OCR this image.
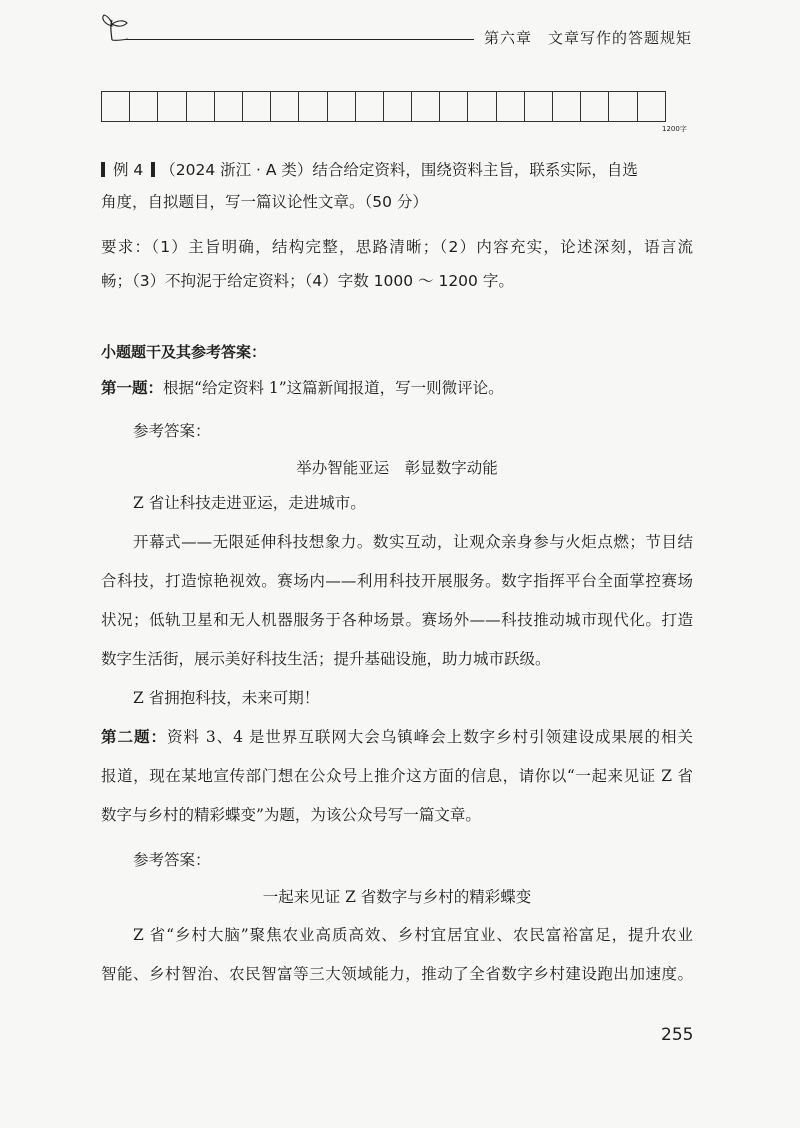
第六章 文章写作的答题规矩
1200字
例 4 （2024 浙江 · A 类）结合给定资料，围绕资料主旨，联系实际，自选
角度，自拟题目，写一篇议论性文章。（50 分）
要求：（1）主旨明确，结构完整，思路清晰；（2）内容充实，论述深刻，语言流
畅；（3）不拘泥于给定资料；（4）字数 1000 ～ 1200 字。
小题题干及其参考答案：
第一题：根据“给定资料 1”这篇新闻报道，写一则微评论。
参考答案：
举办智能亚运　彰显数字动能
Z 省让科技走进亚运，走进城市。
开幕式——无限延伸科技想象力。数实互动，让观众亲身参与火炬点燃；节目结
合科技，打造惊艳视效。赛场内——利用科技开展服务。数字指挥平台全面掌控赛场
状况；低轨卫星和无人机器服务于各种场景。赛场外——科技推动城市现代化。打造
数字生活街，展示美好科技生活；提升基础设施，助力城市跃级。
Z 省拥抱科技，未来可期！
第二题：资料 3、4 是世界互联网大会乌镇峰会上数字乡村引领建设成果展的相关
报道，现在某地宣传部门想在公众号上推介这方面的信息，请你以“一起来见证 Z 省
数字与乡村的精彩蝶变”为题，为该公众号写一篇文章。
参考答案：
一起来见证 Z 省数字与乡村的精彩蝶变
Z 省“乡村大脑”聚焦农业高质高效、乡村宜居宜业、农民富裕富足，提升农业
智能、乡村智治、农民智富等三大领域能力，推动了全省数字乡村建设跑出加速度。
255
